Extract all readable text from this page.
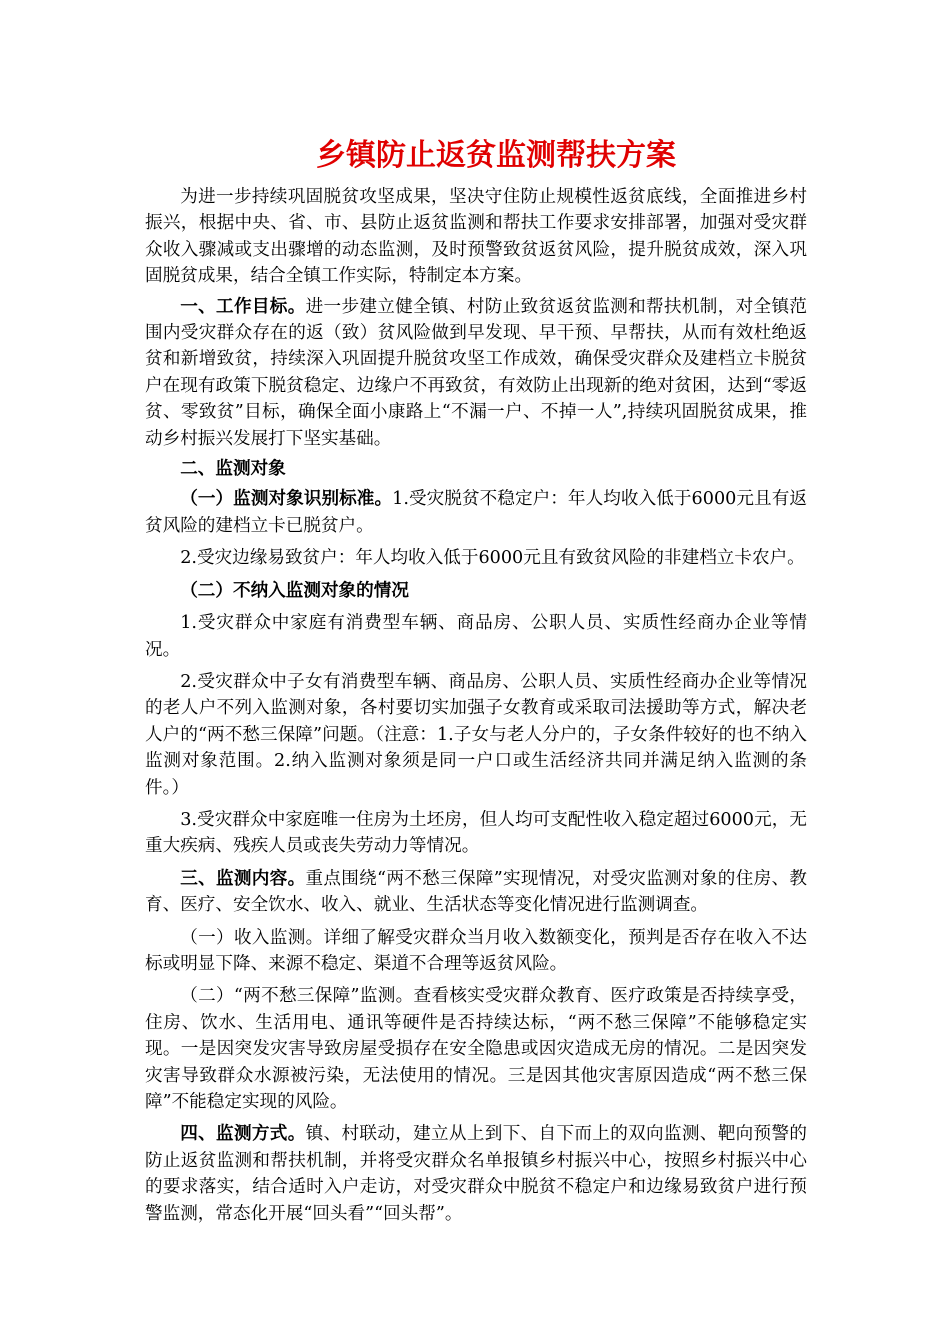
乡镇防止返贫监测帮扶方案

为进一步持续巩固脱贫攻坚成果，坚决守住防止规模性返贫底线，全面推进乡村振兴，根据中央、省、市、县防止返贫监测和帮扶工作要求安排部署，加强对受灾群众收入骤减或支出骤增的动态监测，及时预警致贫返贫风险，提升脱贫成效，深入巩固脱贫成果，结合全镇工作实际，特制定本方案。

一、工作目标。进一步建立健全镇、村防止致贫返贫监测和帮扶机制，对全镇范围内受灾群众存在的返（致）贫风险做到早发现、早干预、早帮扶，从而有效杜绝返贫和新增致贫，持续深入巩固提升脱贫攻坚工作成效，确保受灾群众及建档立卡脱贫户在现有政策下脱贫稳定、边缘户不再致贫，有效防止出现新的绝对贫困，达到“零返贫、零致贫”目标，确保全面小康路上“不漏一户、不掉一人”,持续巩固脱贫成果，推动乡村振兴发展打下坚实基础。

二、监测对象

（一）监测对象识别标准。1.受灾脱贫不稳定户：年人均收入低于6000元且有返贫风险的建档立卡已脱贫户。

2.受灾边缘易致贫户：年人均收入低于6000元且有致贫风险的非建档立卡农户。

（二）不纳入监测对象的情况

1.受灾群众中家庭有消费型车辆、商品房、公职人员、实质性经商办企业等情况。

2.受灾群众中子女有消费型车辆、商品房、公职人员、实质性经商办企业等情况的老人户不列入监测对象，各村要切实加强子女教育或采取司法援助等方式，解决老人户的“两不愁三保障”问题。（注意：1.子女与老人分户的，子女条件较好的也不纳入监测对象范围。2.纳入监测对象须是同一户口或生活经济共同并满足纳入监测的条件。）

3.受灾群众中家庭唯一住房为土坯房，但人均可支配性收入稳定超过6000元，无重大疾病、残疾人员或丧失劳动力等情况。

三、监测内容。重点围绕“两不愁三保障”实现情况，对受灾监测对象的住房、教育、医疗、安全饮水、收入、就业、生活状态等变化情况进行监测调查。

（一）收入监测。详细了解受灾群众当月收入数额变化，预判是否存在收入不达标或明显下降、来源不稳定、渠道不合理等返贫风险。

（二）“两不愁三保障”监测。查看核实受灾群众教育、医疗政策是否持续享受，住房、饮水、生活用电、通讯等硬件是否持续达标，“两不愁三保障”不能够稳定实现。一是因突发灾害导致房屋受损存在安全隐患或因灾造成无房的情况。二是因突发灾害导致群众水源被污染，无法使用的情况。三是因其他灾害原因造成“两不愁三保障”不能稳定实现的风险。

四、监测方式。镇、村联动，建立从上到下、自下而上的双向监测、靶向预警的防止返贫监测和帮扶机制，并将受灾群众名单报镇乡村振兴中心，按照乡村振兴中心的要求落实，结合适时入户走访，对受灾群众中脱贫不稳定户和边缘易致贫户进行预警监测，常态化开展“回头看”“回头帮”。
